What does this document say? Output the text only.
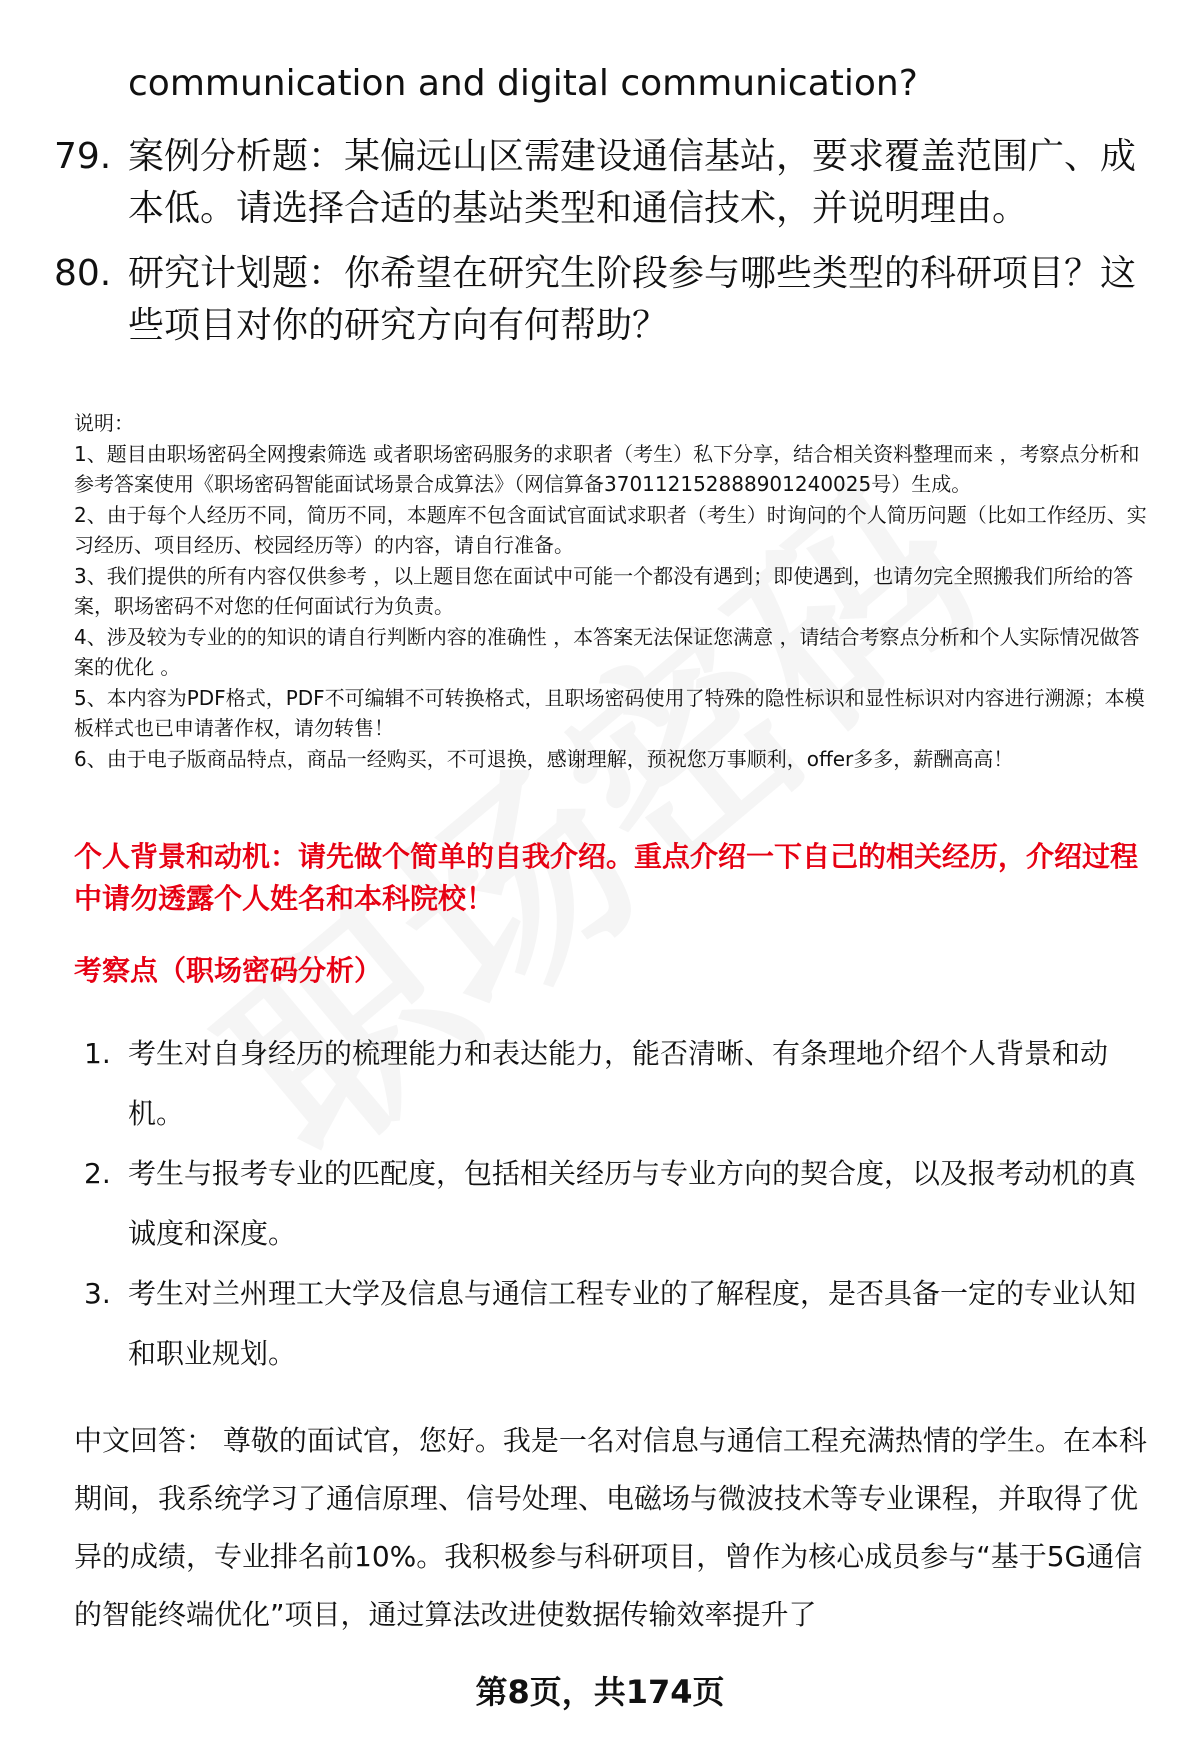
communication and digital communication?
79. 案例分析题：某偏远山区需建设通信基站，要求覆盖范围广、成本低。请选择合适的基站类型和通信技术，并说明理由。
80. 研究计划题：你希望在研究生阶段参与哪些类型的科研项目？这些项目对你的研究方向有何帮助？

说明：

1、题目由职场密码全网搜索筛选 或者职场密码服务的求职者（考生）私下分享，结合相关资料整理而来 ，考察点分析和参考答案使用《职场密码智能面试场景合成算法》（网信算备370112152888901240025号）生成。

2、由于每个人经历不同，简历不同，本题库不包含面试官面试求职者（考生）时询问的个人简历问题（比如工作经历、实习经历、项目经历、校园经历等）的内容，请自行准备。

3、我们提供的所有内容仅供参考 ，以上题目您在面试中可能一个都没有遇到；即使遇到，也请勿完全照搬我们所给的答案，职场密码不对您的任何面试行为负责。

4、涉及较为专业的的知识的请自行判断内容的准确性 ，本答案无法保证您满意 ，请结合考察点分析和个人实际情况做答案的优化 。

5、本内容为PDF格式，PDF不可编辑不可转换格式，且职场密码使用了特殊的隐性标识和显性标识对内容进行溯源；本模板样式也已申请著作权，请勿转售！

6、由于电子版商品特点，商品一经购买，不可退换，感谢理解，预祝您万事顺利，offer多多，薪酬高高！

个人背景和动机：请先做个简单的自我介绍。重点介绍一下自己的相关经历，介绍过程中请勿透露个人姓名和本科院校！
考察点（职场密码分析）
1. 考生对自身经历的梳理能力和表达能力，能否清晰、有条理地介绍个人背景和动机。
2. 考生与报考专业的匹配度，包括相关经历与专业方向的契合度，以及报考动机的真诚度和深度。
3. 考生对兰州理工大学及信息与通信工程专业的了解程度，是否具备一定的专业认知和职业规划。
中文回答： 尊敬的面试官，您好。我是一名对信息与通信工程充满热情的学生。在本科期间，我系统学习了通信原理、信号处理、电磁场与微波技术等专业课程，并取得了优异的成绩，专业排名前10%。我积极参与科研项目，曾作为核心成员参与“基于5G通信的智能终端优化”项目，通过算法改进使数据传输效率提升了
第8页，共174页
